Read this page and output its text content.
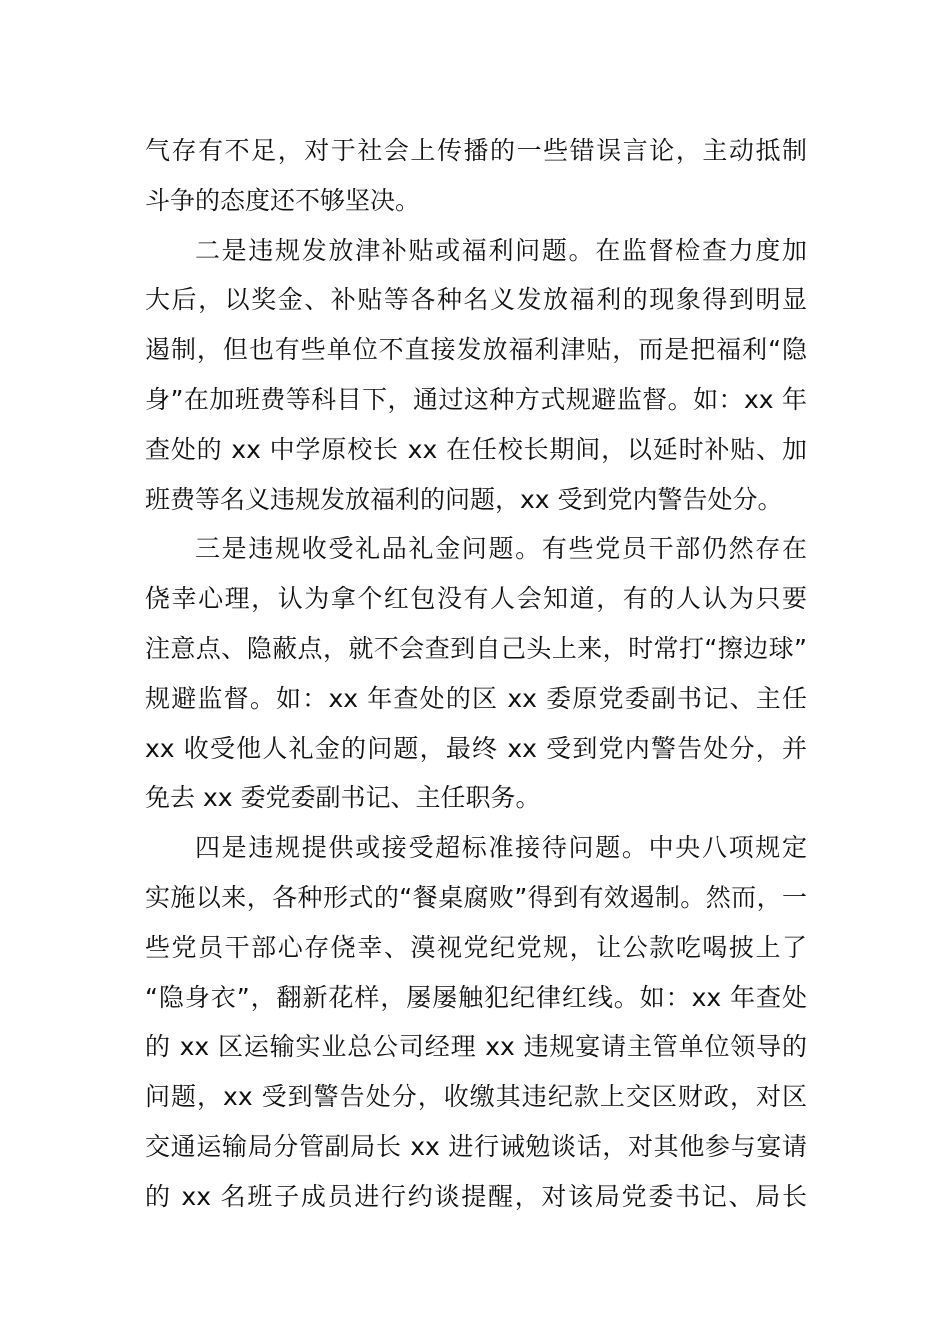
气存有不足，对于社会上传播的一些错误言论，主动抵制
斗争的态度还不够坚决。
二是违规发放津补贴或福利问题。在监督检查力度加
大后，以奖金、补贴等各种名义发放福利的现象得到明显
遏制，但也有些单位不直接发放福利津贴，而是把福利“隐
身”在加班费等科目下，通过这种方式规避监督。如：xx 年
查处的 xx 中学原校长 xx 在任校长期间，以延时补贴、加
班费等名义违规发放福利的问题，xx 受到党内警告处分。
三是违规收受礼品礼金问题。有些党员干部仍然存在
侥幸心理，认为拿个红包没有人会知道，有的人认为只要
注意点、隐蔽点，就不会查到自己头上来，时常打“擦边球”
规避监督。如：xx 年查处的区 xx 委原党委副书记、主任
xx 收受他人礼金的问题，最终 xx 受到党内警告处分，并
免去 xx 委党委副书记、主任职务。
四是违规提供或接受超标准接待问题。中央八项规定
实施以来，各种形式的“餐桌腐败”得到有效遏制。然而，一
些党员干部心存侥幸、漠视党纪党规，让公款吃喝披上了
“隐身衣”，翻新花样，屡屡触犯纪律红线。如：xx 年查处
的 xx 区运输实业总公司经理 xx 违规宴请主管单位领导的
问题，xx 受到警告处分，收缴其违纪款上交区财政，对区
交通运输局分管副局长 xx 进行诫勉谈话，对其他参与宴请
的 xx 名班子成员进行约谈提醒，对该局党委书记、局长
